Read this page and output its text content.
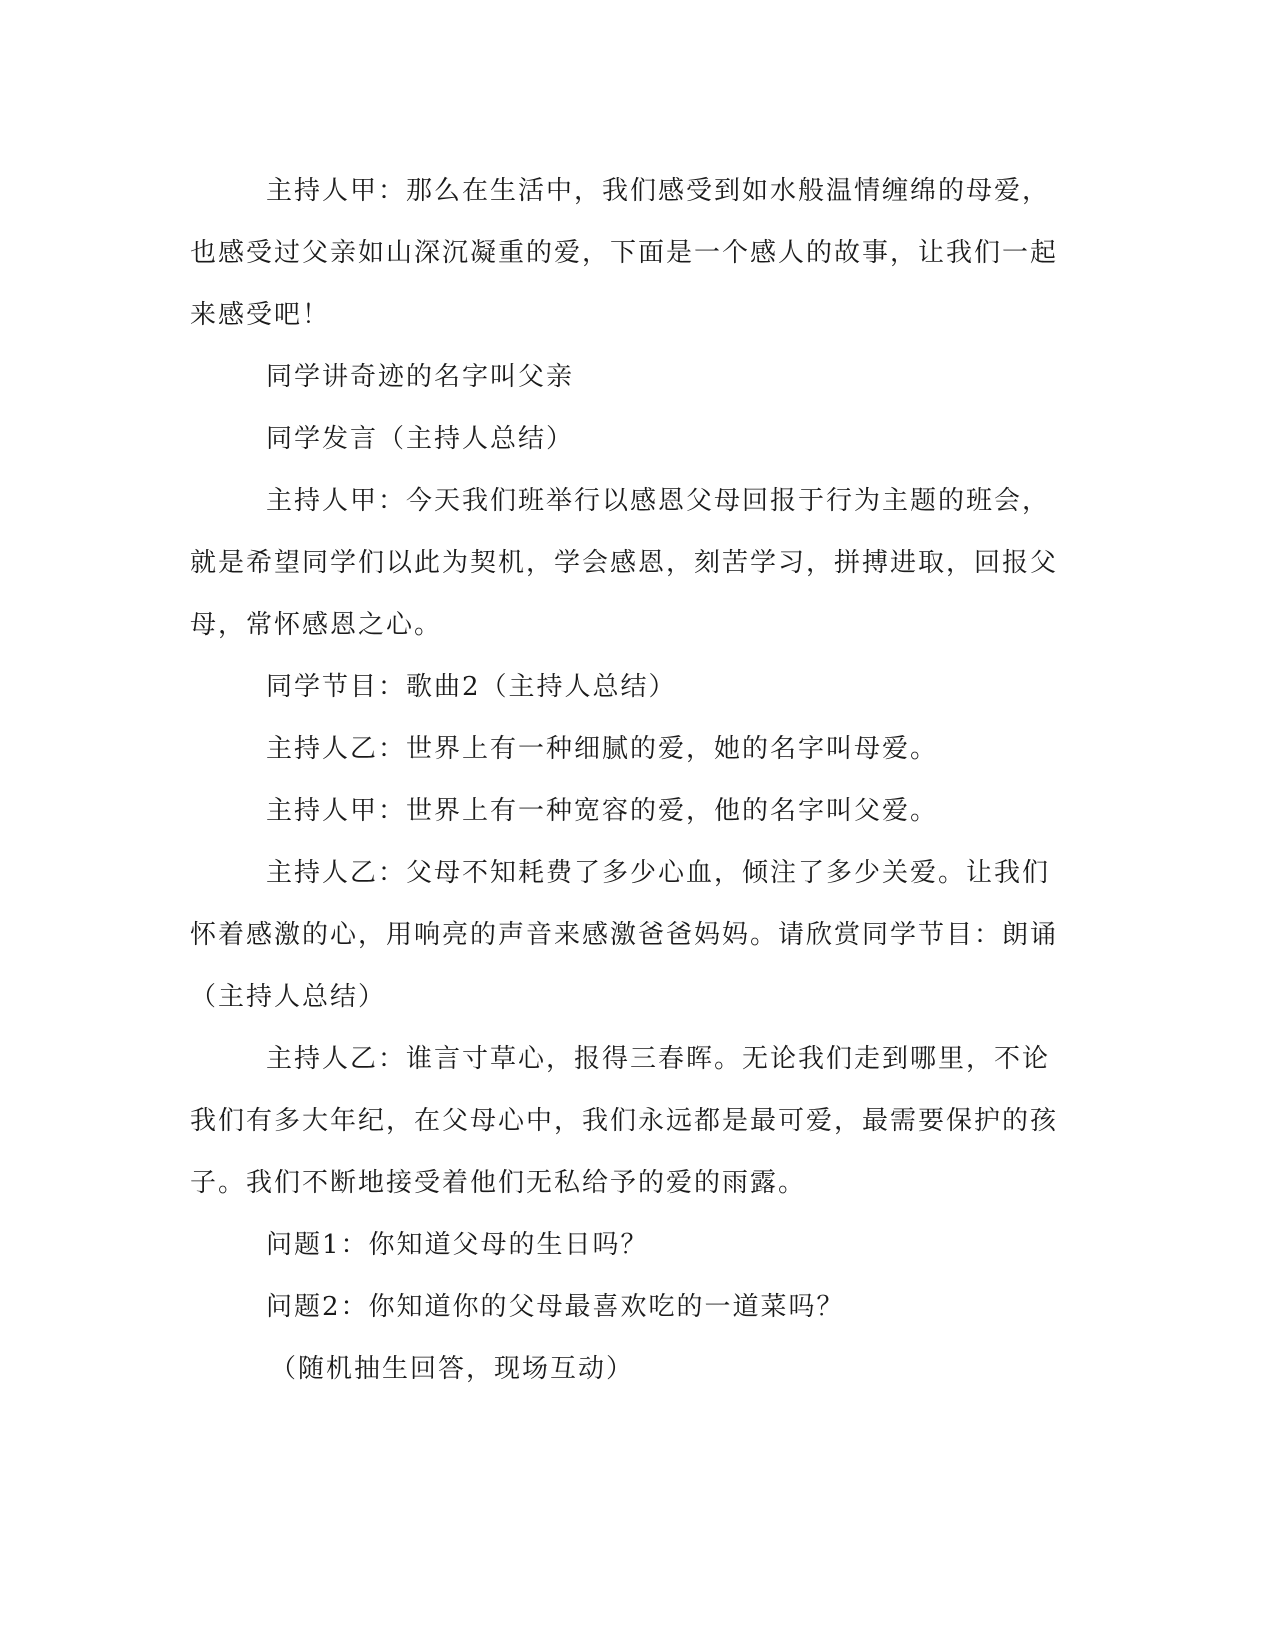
主持人甲：那么在生活中，我们感受到如水般温情缠绵的母爱，也感受过父亲如山深沉凝重的爱，下面是一个感人的故事，让我们一起来感受吧！

同学讲奇迹的名字叫父亲

同学发言（主持人总结）

主持人甲：今天我们班举行以感恩父母回报于行为主题的班会，就是希望同学们以此为契机，学会感恩，刻苦学习，拼搏进取，回报父母，常怀感恩之心。

同学节目：歌曲2（主持人总结）

主持人乙：世界上有一种细腻的爱，她的名字叫母爱。

主持人甲：世界上有一种宽容的爱，他的名字叫父爱。

主持人乙：父母不知耗费了多少心血，倾注了多少关爱。让我们怀着感激的心，用响亮的声音来感激爸爸妈妈。请欣赏同学节目：朗诵（主持人总结）

主持人乙：谁言寸草心，报得三春晖。无论我们走到哪里，不论我们有多大年纪，在父母心中，我们永远都是最可爱，最需要保护的孩子。我们不断地接受着他们无私给予的爱的雨露。

问题1：你知道父母的生日吗？

问题2：你知道你的父母最喜欢吃的一道菜吗？

（随机抽生回答，现场互动）
